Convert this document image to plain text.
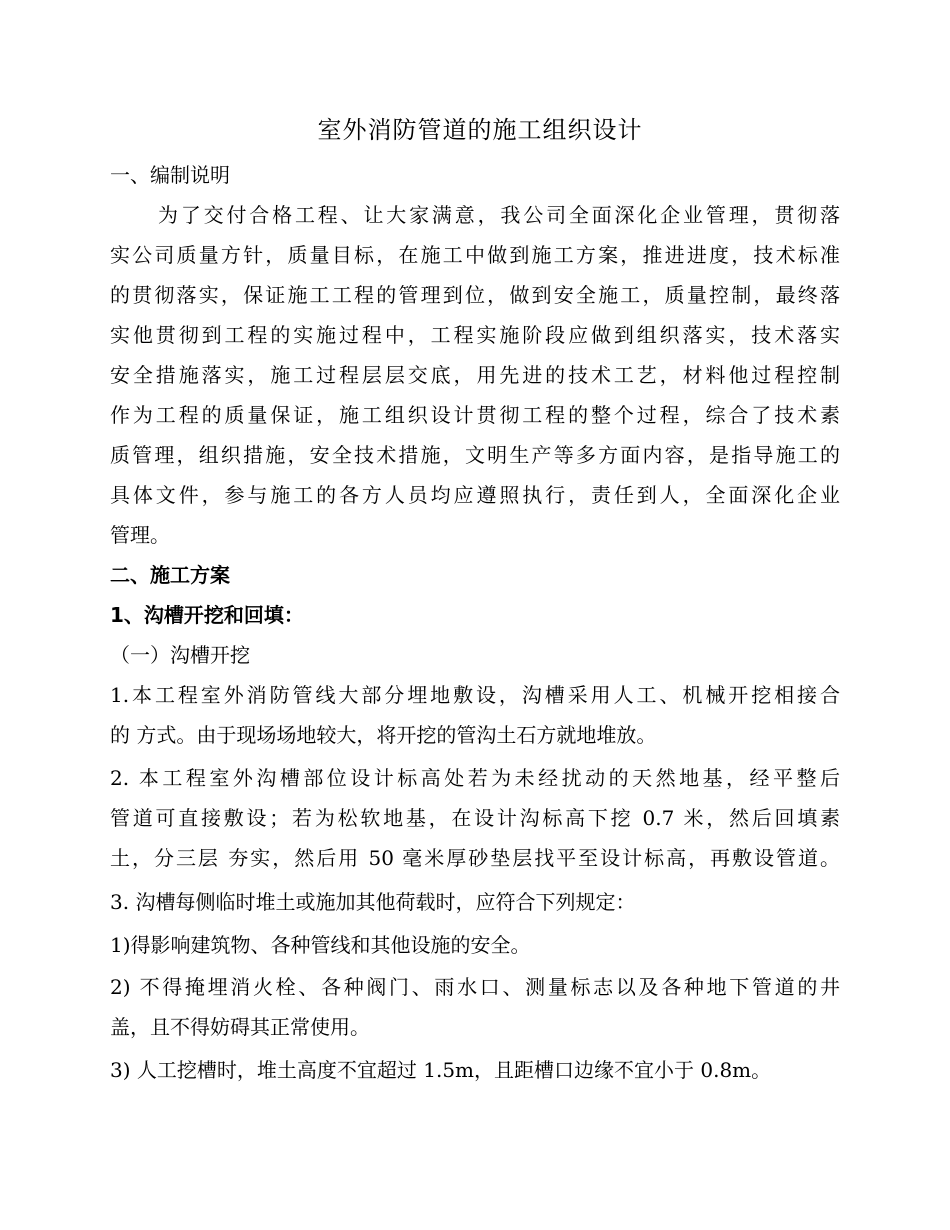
室外消防管道的施工组织设计
一、编制说明
为了交付合格工程、让大家满意，我公司全面深化企业管理，贯彻落
实公司质量方针，质量目标，在施工中做到施工方案，推进进度，技术标准
的贯彻落实，保证施工工程的管理到位，做到安全施工，质量控制，最终落
实他贯彻到工程的实施过程中，工程实施阶段应做到组织落实，技术落实
安全措施落实，施工过程层层交底，用先进的技术工艺，材料他过程控制
作为工程的质量保证，施工组织设计贯彻工程的整个过程，综合了技术素
质管理，组织措施，安全技术措施，文明生产等多方面内容，是指导施工的
具体文件，参与施工的各方人员均应遵照执行，责任到人，全面深化企业
管理。
二、施工方案
1、沟槽开挖和回填：
（一）沟槽开挖
1.本工程室外消防管线大部分埋地敷设，沟槽采用人工、机械开挖相接合
的 方式。由于现场场地较大，将开挖的管沟土石方就地堆放。
2. 本工程室外沟槽部位设计标高处若为未经扰动的天然地基，经平整后
管道可直接敷设；若为松软地基，在设计沟标高下挖 0.7 米，然后回填素
土，分三层 夯实，然后用 50 毫米厚砂垫层找平至设计标高，再敷设管道。
3. 沟槽每侧临时堆土或施加其他荷载时，应符合下列规定：
1)得影响建筑物、各种管线和其他设施的安全。
2) 不得掩埋消火栓、各种阀门、雨水口、测量标志以及各种地下管道的井
盖，且不得妨碍其正常使用。
3) 人工挖槽时，堆土高度不宜超过 1.5m，且距槽口边缘不宜小于 0.8m。
